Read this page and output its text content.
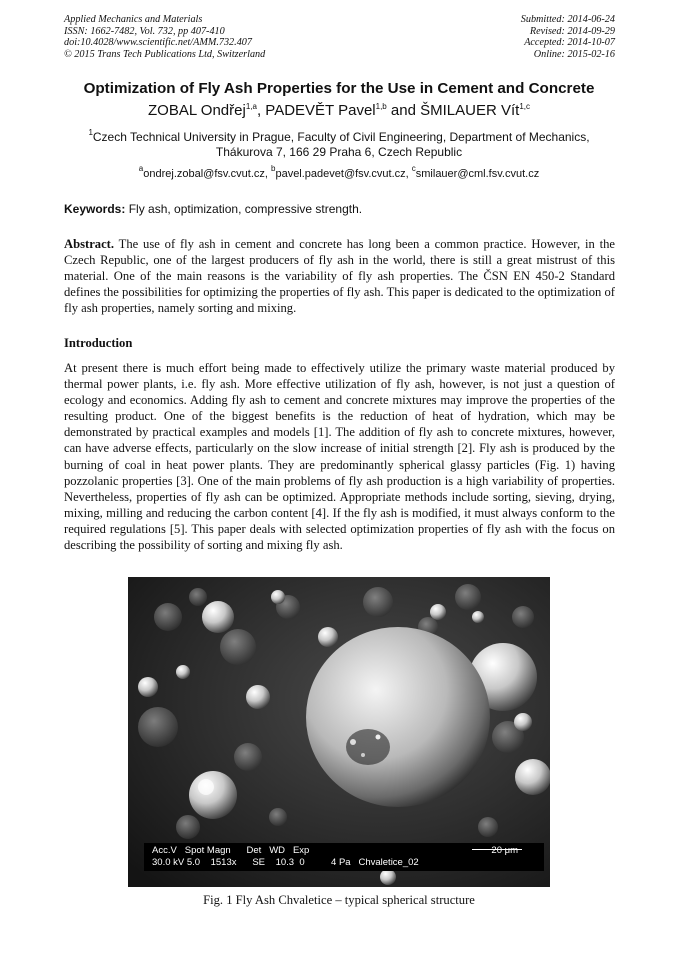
Applied Mechanics and Materials
ISSN: 1662-7482, Vol. 732, pp 407-410
doi:10.4028/www.scientific.net/AMM.732.407
© 2015 Trans Tech Publications Ltd, Switzerland
Submitted: 2014-06-24
Revised: 2014-09-29
Accepted: 2014-10-07
Online: 2015-02-16
Optimization of Fly Ash Properties for the Use in Cement and Concrete
ZOBAL Ondřej$^{1,a}$, PADEVĚT Pavel$^{1,b}$ and ŠMILAUER Vít$^{1,c}$
$^1$Czech Technical University in Prague, Faculty of Civil Engineering, Department of Mechanics,
Thákurova 7, 166 29 Praha 6, Czech Republic
$^a$ondrej.zobal@fsv.cvut.cz, $^b$pavel.padevet@fsv.cvut.cz, $^c$smilauer@cml.fsv.cvut.cz
Keywords: Fly ash, optimization, compressive strength.
Abstract. The use of fly ash in cement and concrete has long been a common practice. However, in the Czech Republic, one of the largest producers of fly ash in the world, there is still a great mistrust of this material. One of the main reasons is the variability of fly ash properties. The ČSN EN 450-2 Standard defines the possibilities for optimizing the properties of fly ash. This paper is dedicated to the optimization of fly ash properties, namely sorting and mixing.
Introduction
At present there is much effort being made to effectively utilize the primary waste material produced by thermal power plants, i.e. fly ash. More effective utilization of fly ash, however, is not just a question of ecology and economics. Adding fly ash to cement and concrete mixtures may improve the properties of the resulting product. One of the biggest benefits is the reduction of heat of hydration, which may be demonstrated by practical examples and models [1]. The addition of fly ash to concrete mixtures, however, can have adverse effects, particularly on the slow increase of initial strength [2]. Fly ash is produced by the burning of coal in heat power plants. They are predominantly spherical glassy particles (Fig. 1) having pozzolanic properties [3]. One of the main problems of fly ash production is a high variability of properties. Nevertheless, properties of fly ash can be optimized. Appropriate methods include sorting, sieving, drying, mixing, milling and reducing the carbon content [4]. If the fly ash is modified, it must always conform to the required regulations [5]. This paper deals with selected optimization properties of fly ash with the focus on describing the possibility of sorting and mixing fly ash.
Acc.V   Spot Magn      Det   WD   Exp
30.0 kV 5.0    1513x      SE    10.3  0          4 Pa   Chvaletice_02
20 μm
Fig. 1 Fly Ash Chvaletice – typical spherical structure
